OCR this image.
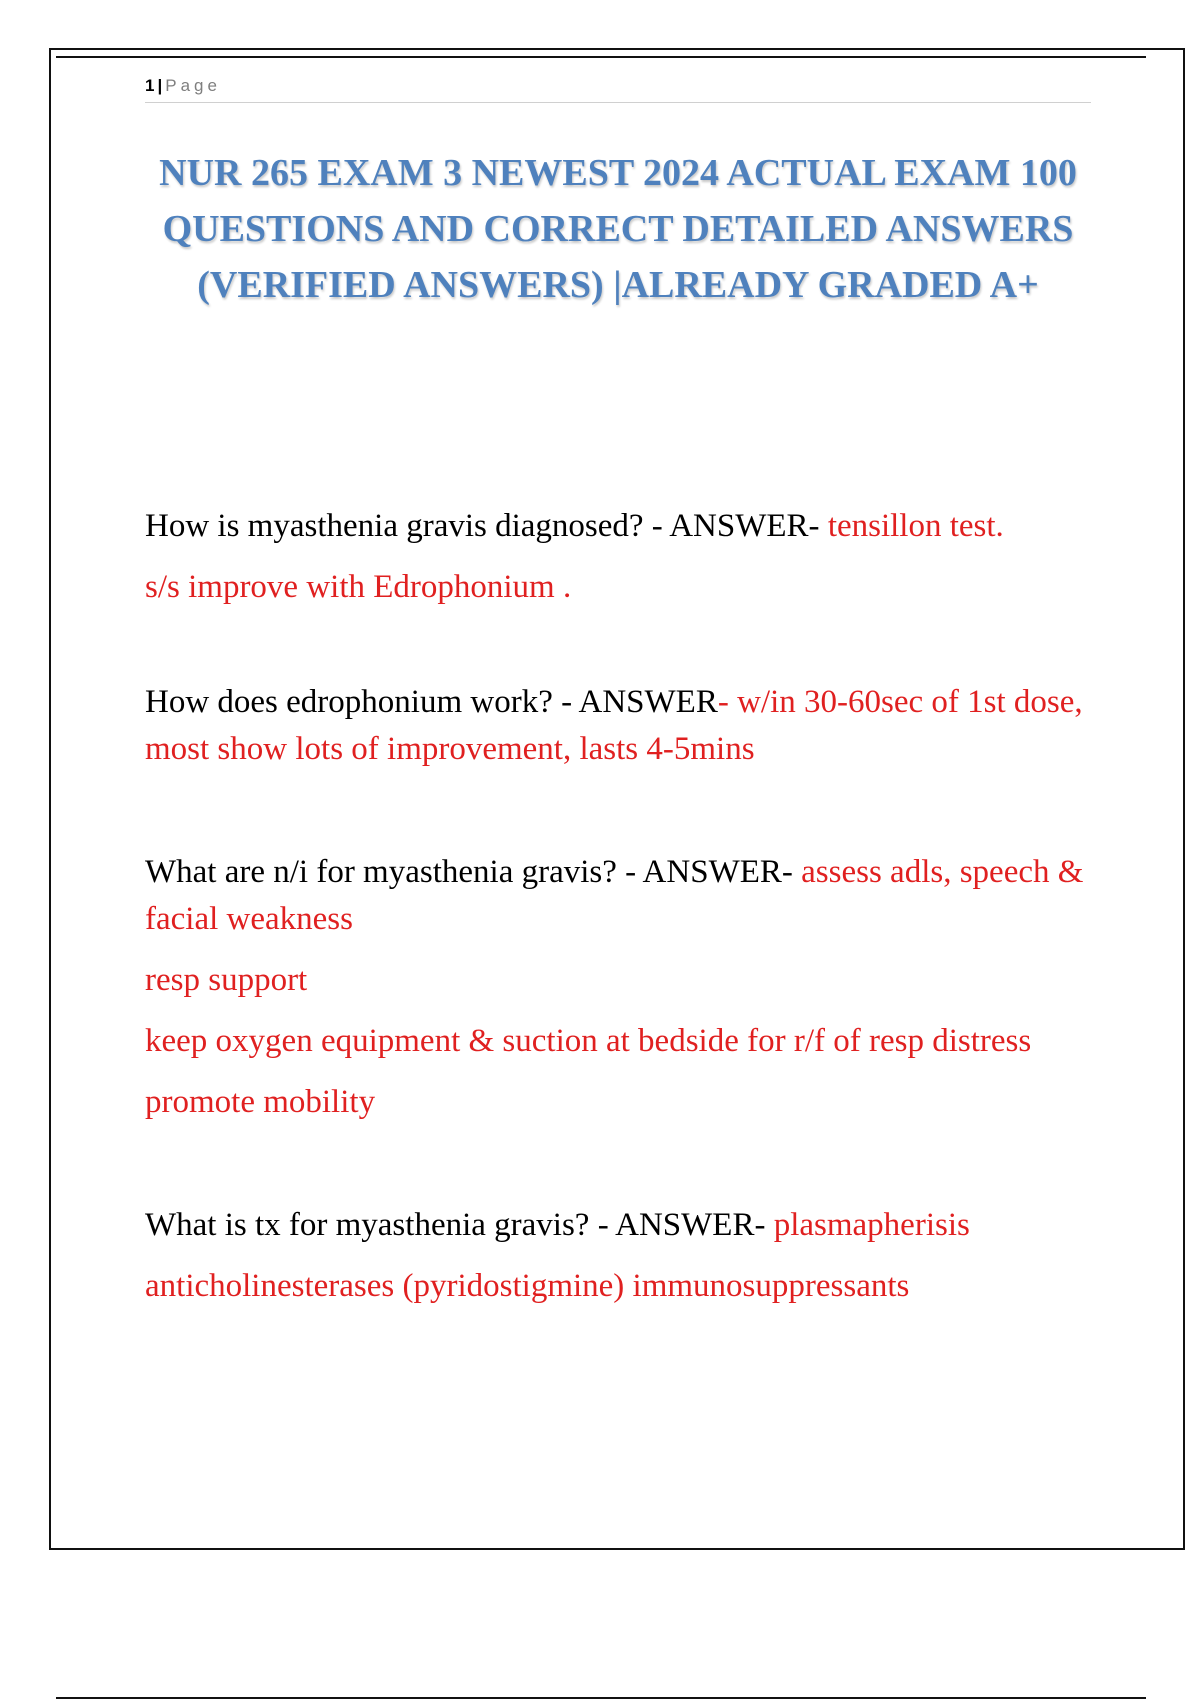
1 | Page
NUR 265 EXAM 3 NEWEST 2024 ACTUAL EXAM 100 QUESTIONS AND CORRECT DETAILED ANSWERS (VERIFIED ANSWERS) |ALREADY GRADED A+

How is myasthenia gravis diagnosed? - ANSWER- tensillon test.

s/s improve with Edrophonium .

How does edrophonium work? - ANSWER- w/in 30-60sec of 1st dose, most show lots of improvement, lasts 4-5mins

What are n/i for myasthenia gravis? - ANSWER- assess adls, speech & facial weakness

resp support

keep oxygen equipment & suction at bedside for r/f of resp distress

promote mobility

What is tx for myasthenia gravis? - ANSWER- plasmapherisis

anticholinesterases (pyridostigmine) immunosuppressants
